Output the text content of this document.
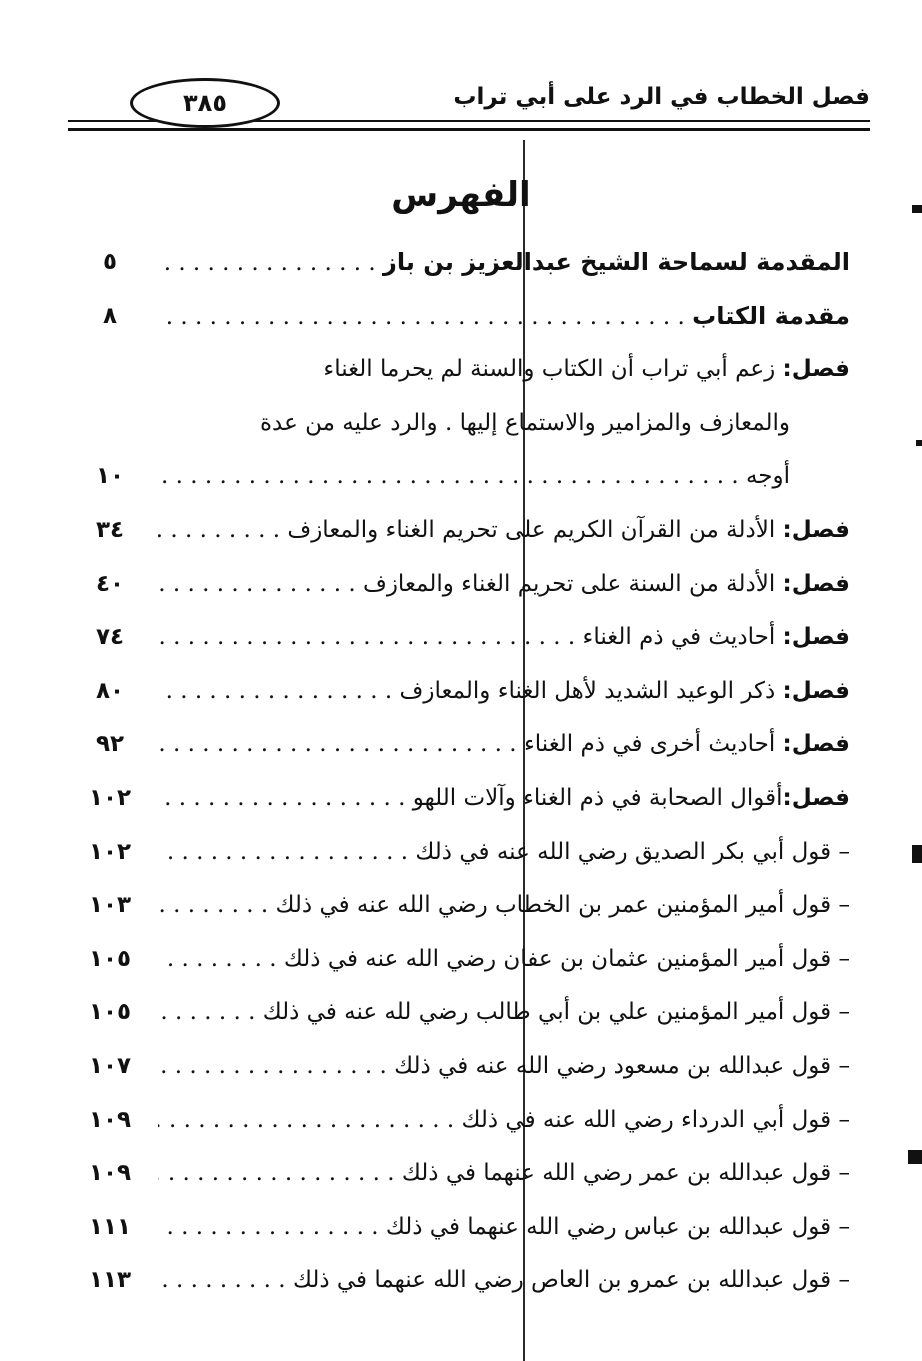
فصل الخطاب في الرد على أبي تراب
٣٨٥
الفهرس
٥	المقدمة لسماحة الشيخ عبدالعزيز بن باز . . .
٨	مقدمة الكتاب . . .
فصل: زعم أبي تراب أن الكتاب والسنة لم يحرما الغناء
والمعازف والمزامير والاستماع إليها . والرد عليه من عدة
١٠	أوجه . . .
٣٤	فصل: الأدلة من القرآن الكريم على تحريم الغناء والمعازف . . .
٤٠	فصل: الأدلة من السنة على تحريم الغناء والمعازف . . .
٧٤	فصل: أحاديث في ذم الغناء . . .
٨٠	فصل: ذكر الوعيد الشديد لأهل الغناء والمعازف . . .
٩٢	فصل: أحاديث أخرى في ذم الغناء . . .
١٠٢	فصل:أقوال الصحابة في ذم الغناء وآلات اللهو . . .
١٠٢	– قول أبي بكر الصديق رضي الله عنه في ذلك . . .
١٠٣	– قول أمير المؤمنين عمر بن الخطاب رضي الله عنه في ذلك . . .
١٠٥	– قول أمير المؤمنين عثمان بن عفان رضي الله عنه في ذلك . . .
١٠٥	– قول أمير المؤمنين علي بن أبي طالب رضي لله عنه في ذلك . . .
١٠٧	– قول عبدالله بن مسعود رضي الله عنه في ذلك . . .
١٠٩	– قول أبي الدرداء رضي الله عنه في ذلك . . .
١٠٩	– قول عبدالله بن عمر رضي الله عنهما في ذلك . . .
١١١	– قول عبدالله بن عباس رضي الله عنهما في ذلك . . .
١١٣	– قول عبدالله بن عمرو بن العاص رضي الله عنهما في ذلك . . .
